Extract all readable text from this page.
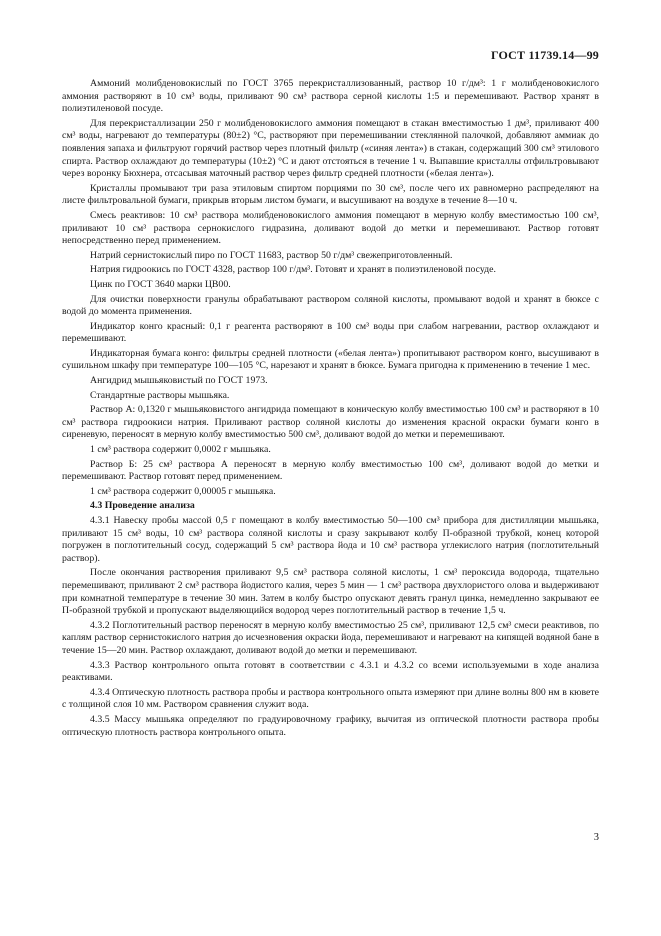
ГОСТ 11739.14—99

Аммоний молибденовокислый по ГОСТ 3765 перекристаллизованный, раствор 10 г/дм³: 1 г молибденовокислого аммония растворяют в 10 см³ воды, приливают 90 см³ раствора серной кислоты 1:5 и перемешивают. Раствор хранят в полиэтиленовой посуде.

Для перекристаллизации 250 г молибденовокислого аммония помещают в стакан вместимостью 1 дм³, приливают 400 см³ воды, нагревают до температуры (80±2) °С, растворяют при перемешивании стеклянной палочкой, добавляют аммиак до появления запаха и фильтруют горячий раствор через плотный фильтр («синяя лента») в стакан, содержащий 300 см³ этилового спирта. Раствор охлаждают до температуры (10±2) °С и дают отстояться в течение 1 ч. Выпавшие кристаллы отфильтровывают через воронку Бюхнера, отсасывая маточный раствор через фильтр средней плотности («белая лента»).

Кристаллы промывают три раза этиловым спиртом порциями по 30 см³, после чего их равномерно распределяют на листе фильтровальной бумаги, прикрыв вторым листом бумаги, и высушивают на воздухе в течение 8—10 ч.

Смесь реактивов: 10 см³ раствора молибденовокислого аммония помещают в мерную колбу вместимостью 100 см³, приливают 10 см³ раствора сернокислого гидразина, доливают водой до метки и перемешивают. Раствор готовят непосредственно перед применением.

Натрий сернистокислый пиро по ГОСТ 11683, раствор 50 г/дм³ свежеприготовленный.

Натрия гидроокись по ГОСТ 4328, раствор 100 г/дм³. Готовят и хранят в полиэтиленовой посуде.

Цинк по ГОСТ 3640 марки ЦВ00.

Для очистки поверхности гранулы обрабатывают раствором соляной кислоты, промывают водой и хранят в бюксе с водой до момента применения.

Индикатор конго красный: 0,1 г реагента растворяют в 100 см³ воды при слабом нагревании, раствор охлаждают и перемешивают.

Индикаторная бумага конго: фильтры средней плотности («белая лента») пропитывают раствором конго, высушивают в сушильном шкафу при температуре 100—105 °С, нарезают и хранят в бюксе. Бумага пригодна к применению в течение 1 мес.

Ангидрид мышьяковистый по ГОСТ 1973.

Стандартные растворы мышьяка.

Раствор А: 0,1320 г мышьяковистого ангидрида помещают в коническую колбу вместимостью 100 см³ и растворяют в 10 см³ раствора гидроокиси натрия. Приливают раствор соляной кислоты до изменения красной окраски бумаги конго в сиреневую, переносят в мерную колбу вместимостью 500 см³, доливают водой до метки и перемешивают.

1 см³ раствора содержит 0,0002 г мышьяка.

Раствор Б: 25 см³ раствора А переносят в мерную колбу вместимостью 100 см³, доливают водой до метки и перемешивают. Раствор готовят перед применением.

1 см³ раствора содержит 0,00005 г мышьяка.

4.3 Проведение анализа

4.3.1 Навеску пробы массой 0,5 г помещают в колбу вместимостью 50—100 см³ прибора для дистилляции мышьяка, приливают 15 см³ воды, 10 см³ раствора соляной кислоты и сразу закрывают колбу П-образной трубкой, конец которой погружен в поглотительный сосуд, содержащий 5 см³ раствора йода и 10 см³ раствора углекислого натрия (поглотительный раствор).

После окончания растворения приливают 9,5 см³ раствора соляной кислоты, 1 см³ пероксида водорода, тщательно перемешивают, приливают 2 см³ раствора йодистого калия, через 5 мин — 1 см³ раствора двухлористого олова и выдерживают при комнатной температуре в течение 30 мин. Затем в колбу быстро опускают девять гранул цинка, немедленно закрывают ее П-образной трубкой и пропускают выделяющийся водород через поглотительный раствор в течение 1,5 ч.

4.3.2 Поглотительный раствор переносят в мерную колбу вместимостью 25 см³, приливают 12,5 см³ смеси реактивов, по каплям раствор сернистокислого натрия до исчезновения окраски йода, перемешивают и нагревают на кипящей водяной бане в течение 15—20 мин. Раствор охлаждают, доливают водой до метки и перемешивают.

4.3.3 Раствор контрольного опыта готовят в соответствии с 4.3.1 и 4.3.2 со всеми используемыми в ходе анализа реактивами.

4.3.4 Оптическую плотность раствора пробы и раствора контрольного опыта измеряют при длине волны 800 нм в кювете с толщиной слоя 10 мм. Раствором сравнения служит вода.

4.3.5 Массу мышьяка определяют по градуировочному графику, вычитая из оптической плотности раствора пробы оптическую плотность раствора контрольного опыта.

3
